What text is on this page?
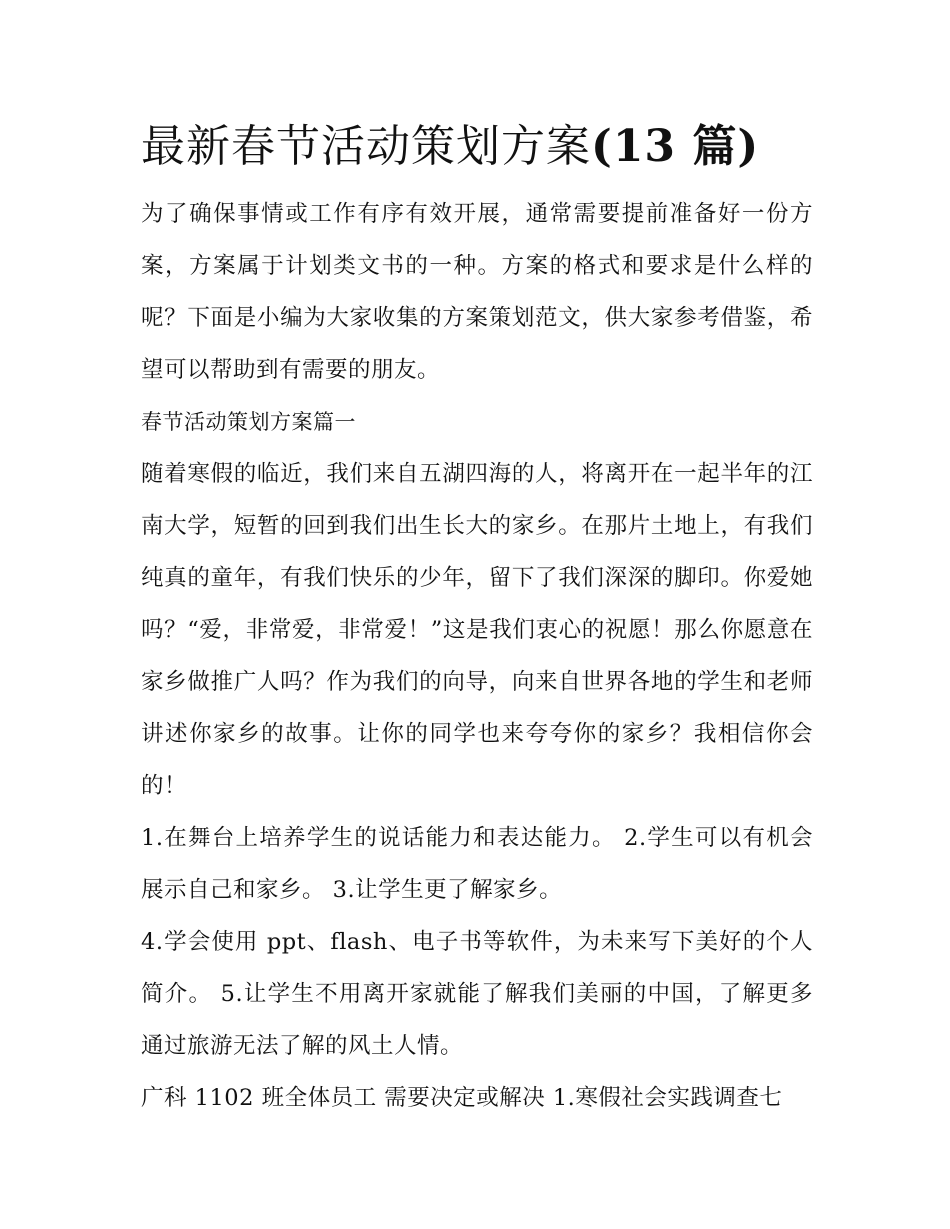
最新春节活动策划方案(13 篇)

为了确保事情或工作有序有效开展，通常需要提前准备好一份方案，方案属于计划类文书的一种。方案的格式和要求是什么样的呢？下面是小编为大家收集的方案策划范文，供大家参考借鉴，希望可以帮助到有需要的朋友。

春节活动策划方案篇一

随着寒假的临近，我们来自五湖四海的人，将离开在一起半年的江南大学，短暂的回到我们出生长大的家乡。在那片土地上，有我们纯真的童年，有我们快乐的少年，留下了我们深深的脚印。你爱她吗？“爱，非常爱，非常爱！”这是我们衷心的祝愿！那么你愿意在家乡做推广人吗？作为我们的向导，向来自世界各地的学生和老师讲述你家乡的故事。让你的同学也来夸夸你的家乡？我相信你会的！

1.在舞台上培养学生的说话能力和表达能力。 2.学生可以有机会展示自己和家乡。 3.让学生更了解家乡。

4.学会使用 ppt、flash、电子书等软件，为未来写下美好的个人简介。 5.让学生不用离开家就能了解我们美丽的中国，了解更多通过旅游无法了解的风土人情。

广科 1102 班全体员工 需要决定或解决 1.寒假社会实践调查七
